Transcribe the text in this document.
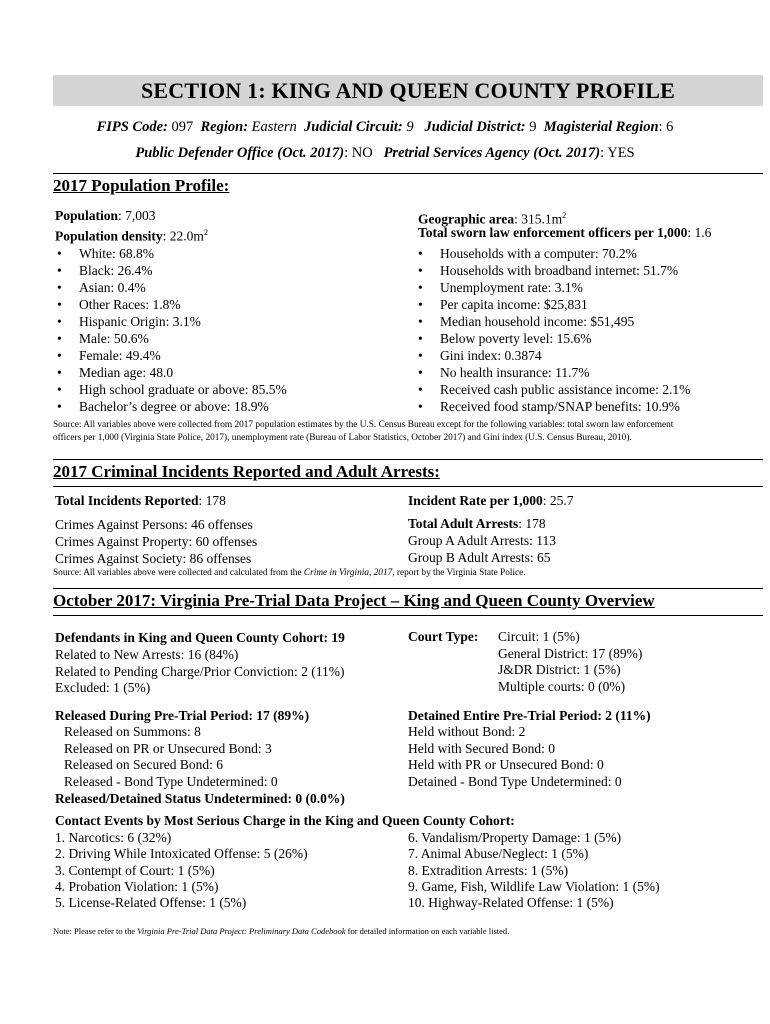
SECTION 1: KING AND QUEEN COUNTY PROFILE
FIPS Code: 097 Region: Eastern Judicial Circuit: 9 Judicial District: 9 Magisterial Region: 6
Public Defender Office (Oct. 2017): NO Pretrial Services Agency (Oct. 2017): YES
2017 Population Profile:
Population: 7,003
Population density: $22.0m^2$
Geographic area: $315.1m^2$
Total sworn law enforcement officers per 1,000: 1.6
• White: 68.8%
• Black: 26.4%
• Asian: 0.4%
• Other Races: 1.8%
• Hispanic Origin: 3.1%
• Male: 50.6%
• Female: 49.4%
• Median age: 48.0
• High school graduate or above: 85.5%
• Bachelor’s degree or above: 18.9%
• Households with a computer: 70.2%
• Households with broadband internet: 51.7%
• Unemployment rate: 3.1%
• Per capita income: $25,831
• Median household income: $51,495
• Below poverty level: 15.6%
• Gini index: 0.3874
• No health insurance: 11.7%
• Received cash public assistance income: 2.1%
• Received food stamp/SNAP benefits: 10.9%
Source: All variables above were collected from 2017 population estimates by the U.S. Census Bureau except for the following variables: total sworn law enforcement
officers per 1,000 (Virginia State Police, 2017), unemployment rate (Bureau of Labor Statistics, October 2017) and Gini index (U.S. Census Bureau, 2010).
2017 Criminal Incidents Reported and Adult Arrests:
Total Incidents Reported: 178	Incident Rate per 1,000: 25.7
Crimes Against Persons: 46 offenses
Crimes Against Property: 60 offenses
Crimes Against Society: 86 offenses
Total Adult Arrests: 178
Group A Adult Arrests: 113
Group B Adult Arrests: 65
Source: All variables above were collected and calculated from the Crime in Virginia, 2017, report by the Virginia State Police.
October 2017: Virginia Pre-Trial Data Project – King and Queen County Overview
Defendants in King and Queen County Cohort: 19
Related to New Arrests: 16 (84%)
Related to Pending Charge/Prior Conviction: 2 (11%)
Excluded: 1 (5%)
Court Type: Circuit: 1 (5%)
General District: 17 (89%)
J&DR District: 1 (5%)
Multiple courts: 0 (0%)
Released During Pre-Trial Period: 17 (89%)
Released on Summons: 8
Released on PR or Unsecured Bond: 3
Released on Secured Bond: 6
Released - Bond Type Undetermined: 0
Released/Detained Status Undetermined: 0 (0.0%)
Detained Entire Pre-Trial Period: 2 (11%)
Held without Bond: 2
Held with Secured Bond: 0
Held with PR or Unsecured Bond: 0
Detained - Bond Type Undetermined: 0
Contact Events by Most Serious Charge in the King and Queen County Cohort:
1. Narcotics: 6 (32%)
2. Driving While Intoxicated Offense: 5 (26%)
3. Contempt of Court: 1 (5%)
4. Probation Violation: 1 (5%)
5. License-Related Offense: 1 (5%)
6. Vandalism/Property Damage: 1 (5%)
7. Animal Abuse/Neglect: 1 (5%)
8. Extradition Arrests: 1 (5%)
9. Game, Fish, Wildlife Law Violation: 1 (5%)
10. Highway-Related Offense: 1 (5%)
Note: Please refer to the Virginia Pre-Trial Data Project: Preliminary Data Codebook for detailed information on each variable listed.
